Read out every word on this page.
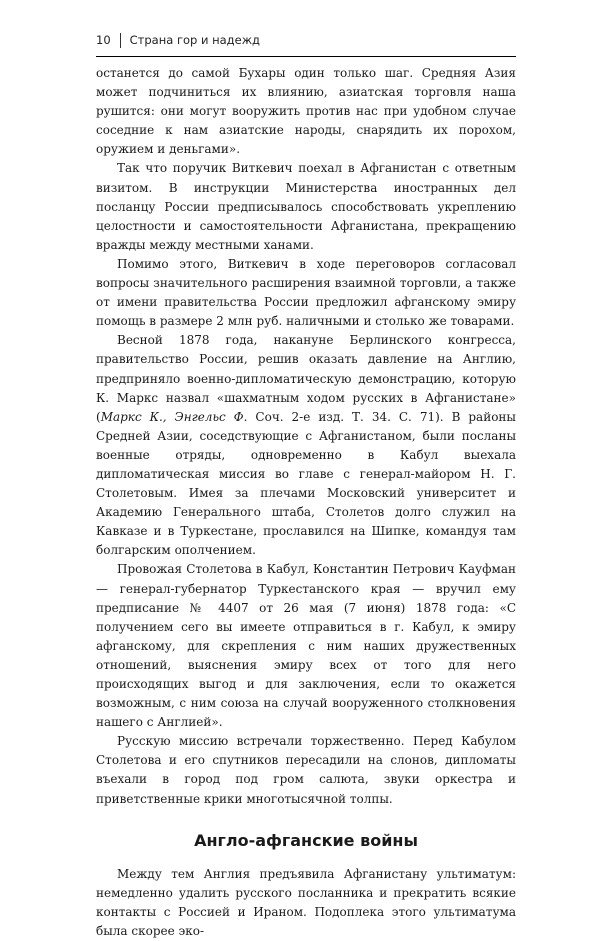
10 Страна гор и надежд

останется до самой Бухары один только шаг. Средняя Азия может подчиниться их влиянию, азиатская торговля наша рушится: они могут вооружить против нас при удобном случае соседние к нам азиатские народы, снарядить их порохом, оружием и деньгами».

Так что поручик Виткевич поехал в Афганистан с ответным визитом. В инструкции Министерства иностранных дел посланцу России предписывалось способствовать укреплению целостности и самостоятельности Афганистана, прекращению вражды между местными ханами.

Помимо этого, Виткевич в ходе переговоров согласовал вопросы значительного расширения взаимной торговли, а также от имени правительства России предложил афганскому эмиру помощь в размере 2 млн руб. наличными и столько же товарами.

Весной 1878 года, накануне Берлинского конгресса, правительство России, решив оказать давление на Англию, предприняло военно-дипломатическую демонстрацию, которую К. Маркс назвал «шахматным ходом русских в Афганистане» (Маркс К., Энгельс Ф. Соч. 2-е изд. Т. 34. С. 71). В районы Средней Азии, соседствующие с Афганистаном, были посланы военные отряды, одновременно в Кабул выехала дипломатическая миссия во главе с генерал-майором Н. Г. Столетовым. Имея за плечами Московский университет и Академию Генерального штаба, Столетов долго служил на Кавказе и в Туркестане, прославился на Шипке, командуя там болгарским ополчением.

Провожая Столетова в Кабул, Константин Петрович Кауфман — генерал-губернатор Туркестанского края — вручил ему предписание № 4407 от 26 мая (7 июня) 1878 года: «С получением сего вы имеете отправиться в г. Кабул, к эмиру афганскому, для скрепления с ним наших дружественных отношений, выяснения эмиру всех от того для него происходящих выгод и для заключения, если то окажется возможным, с ним союза на случай вооруженного столкновения нашего с Англией».

Русскую миссию встречали торжественно. Перед Кабулом Столетова и его спутников пересадили на слонов, дипломаты въехали в город под гром салюта, звуки оркестра и приветственные крики многотысячной толпы.

Англо-афганские войны

Между тем Англия предъявила Афганистану ультиматум: немедленно удалить русского посланника и прекратить всякие контакты с Россией и Ираном. Подоплека этого ультиматума была скорее эко-
